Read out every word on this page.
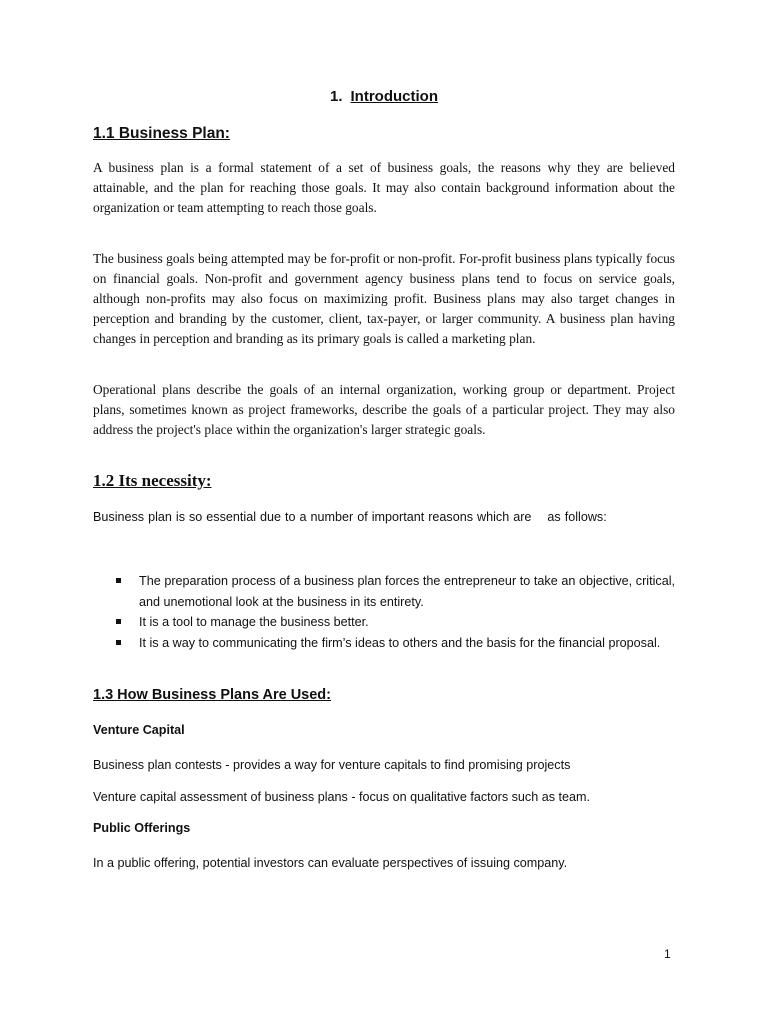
1. Introduction
1.1 Business Plan:

A business plan is a formal statement of a set of business goals, the reasons why they are believed attainable, and the plan for reaching those goals. It may also contain background information about the organization or team attempting to reach those goals.

The business goals being attempted may be for-profit or non-profit. For-profit business plans typically focus on financial goals. Non-profit and government agency business plans tend to focus on service goals, although non-profits may also focus on maximizing profit. Business plans may also target changes in perception and branding by the customer, client, tax-payer, or larger community. A business plan having changes in perception and branding as its primary goals is called a marketing plan.

Operational plans describe the goals of an internal organization, working group or department. Project plans, sometimes known as project frameworks, describe the goals of a particular project. They may also address the project's place within the organization's larger strategic goals.

1.2 Its necessity:

Business plan is so essential due to a number of important reasons which are    as follows:

The preparation process of a business plan forces the entrepreneur to take an objective, critical, and unemotional look at the business in its entirety.
It is a tool to manage the business better.
It is a way to communicating the firm’s ideas to others and the basis for the financial proposal.
1.3 How Business Plans Are Used:

Venture Capital

Business plan contests - provides a way for venture capitals to find promising projects

Venture capital assessment of business plans - focus on qualitative factors such as team.

Public Offerings

In a public offering, potential investors can evaluate perspectives of issuing company.

1
